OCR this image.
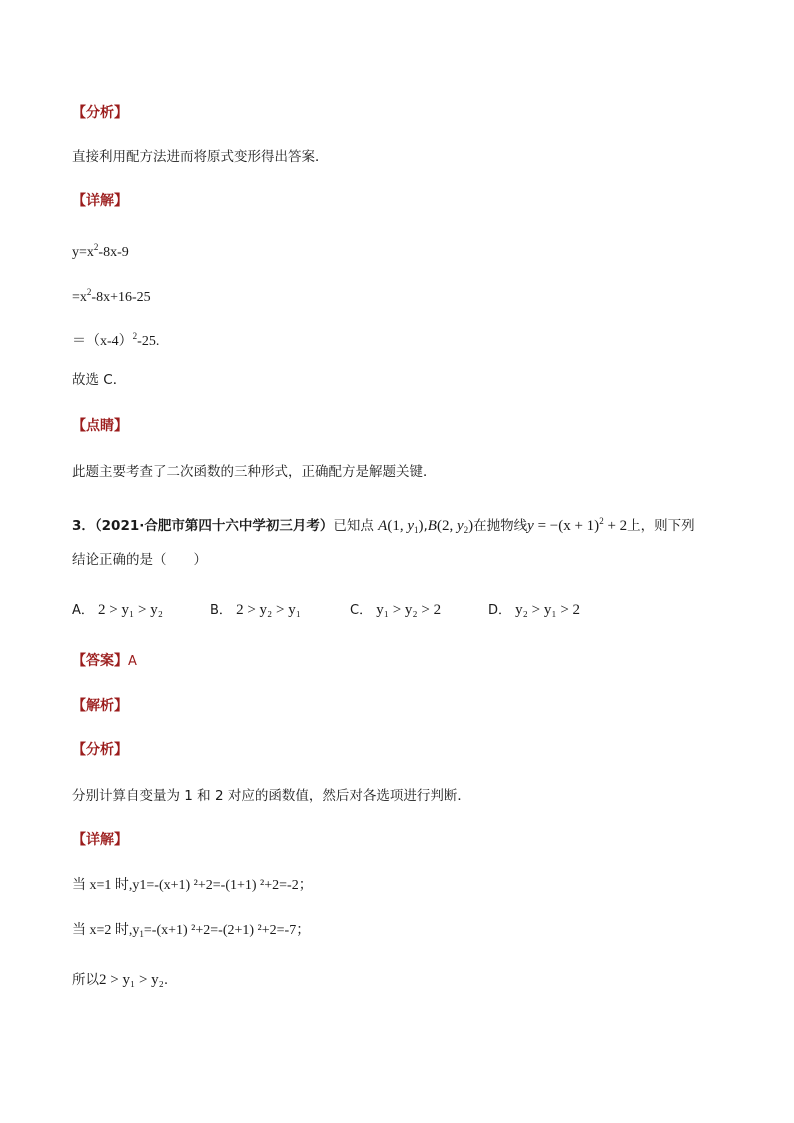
【分析】
直接利用配方法进而将原式变形得出答案．
【详解】
$y=x^2-8x-9$
$=x^2-8x+16-25$
$=(x-4)^2-25$.
故选 C．
【点睛】
此题主要考查了二次函数的三种形式，正确配方是解题关键．
3．（2021·合肥市第四十六中学初三月考）已知点 A(1, $y_1),B(2$, $y_2$)在抛物线$y = -(x + 1)^2 + 2$上，则下列
结论正确的是（　　）
A． 2 > y₁ > y₂	B． 2 > y₂ > y₁	C． y₁ > y₂ > 2	D． y₂ > y₁ > 2
【答案】A
【解析】
【分析】
分别计算自变量为 1 和 2 对应的函数值，然后对各选项进行判断．
【详解】
当 x=1 时,y1=-(x+1) ²+2=-(1+1) ²+2=-2；
当 x=2 时$,y_1=-(x+1)$ ²+2=-(2+1) ²+2=-7；
所以2 > y₁ > y₂.
